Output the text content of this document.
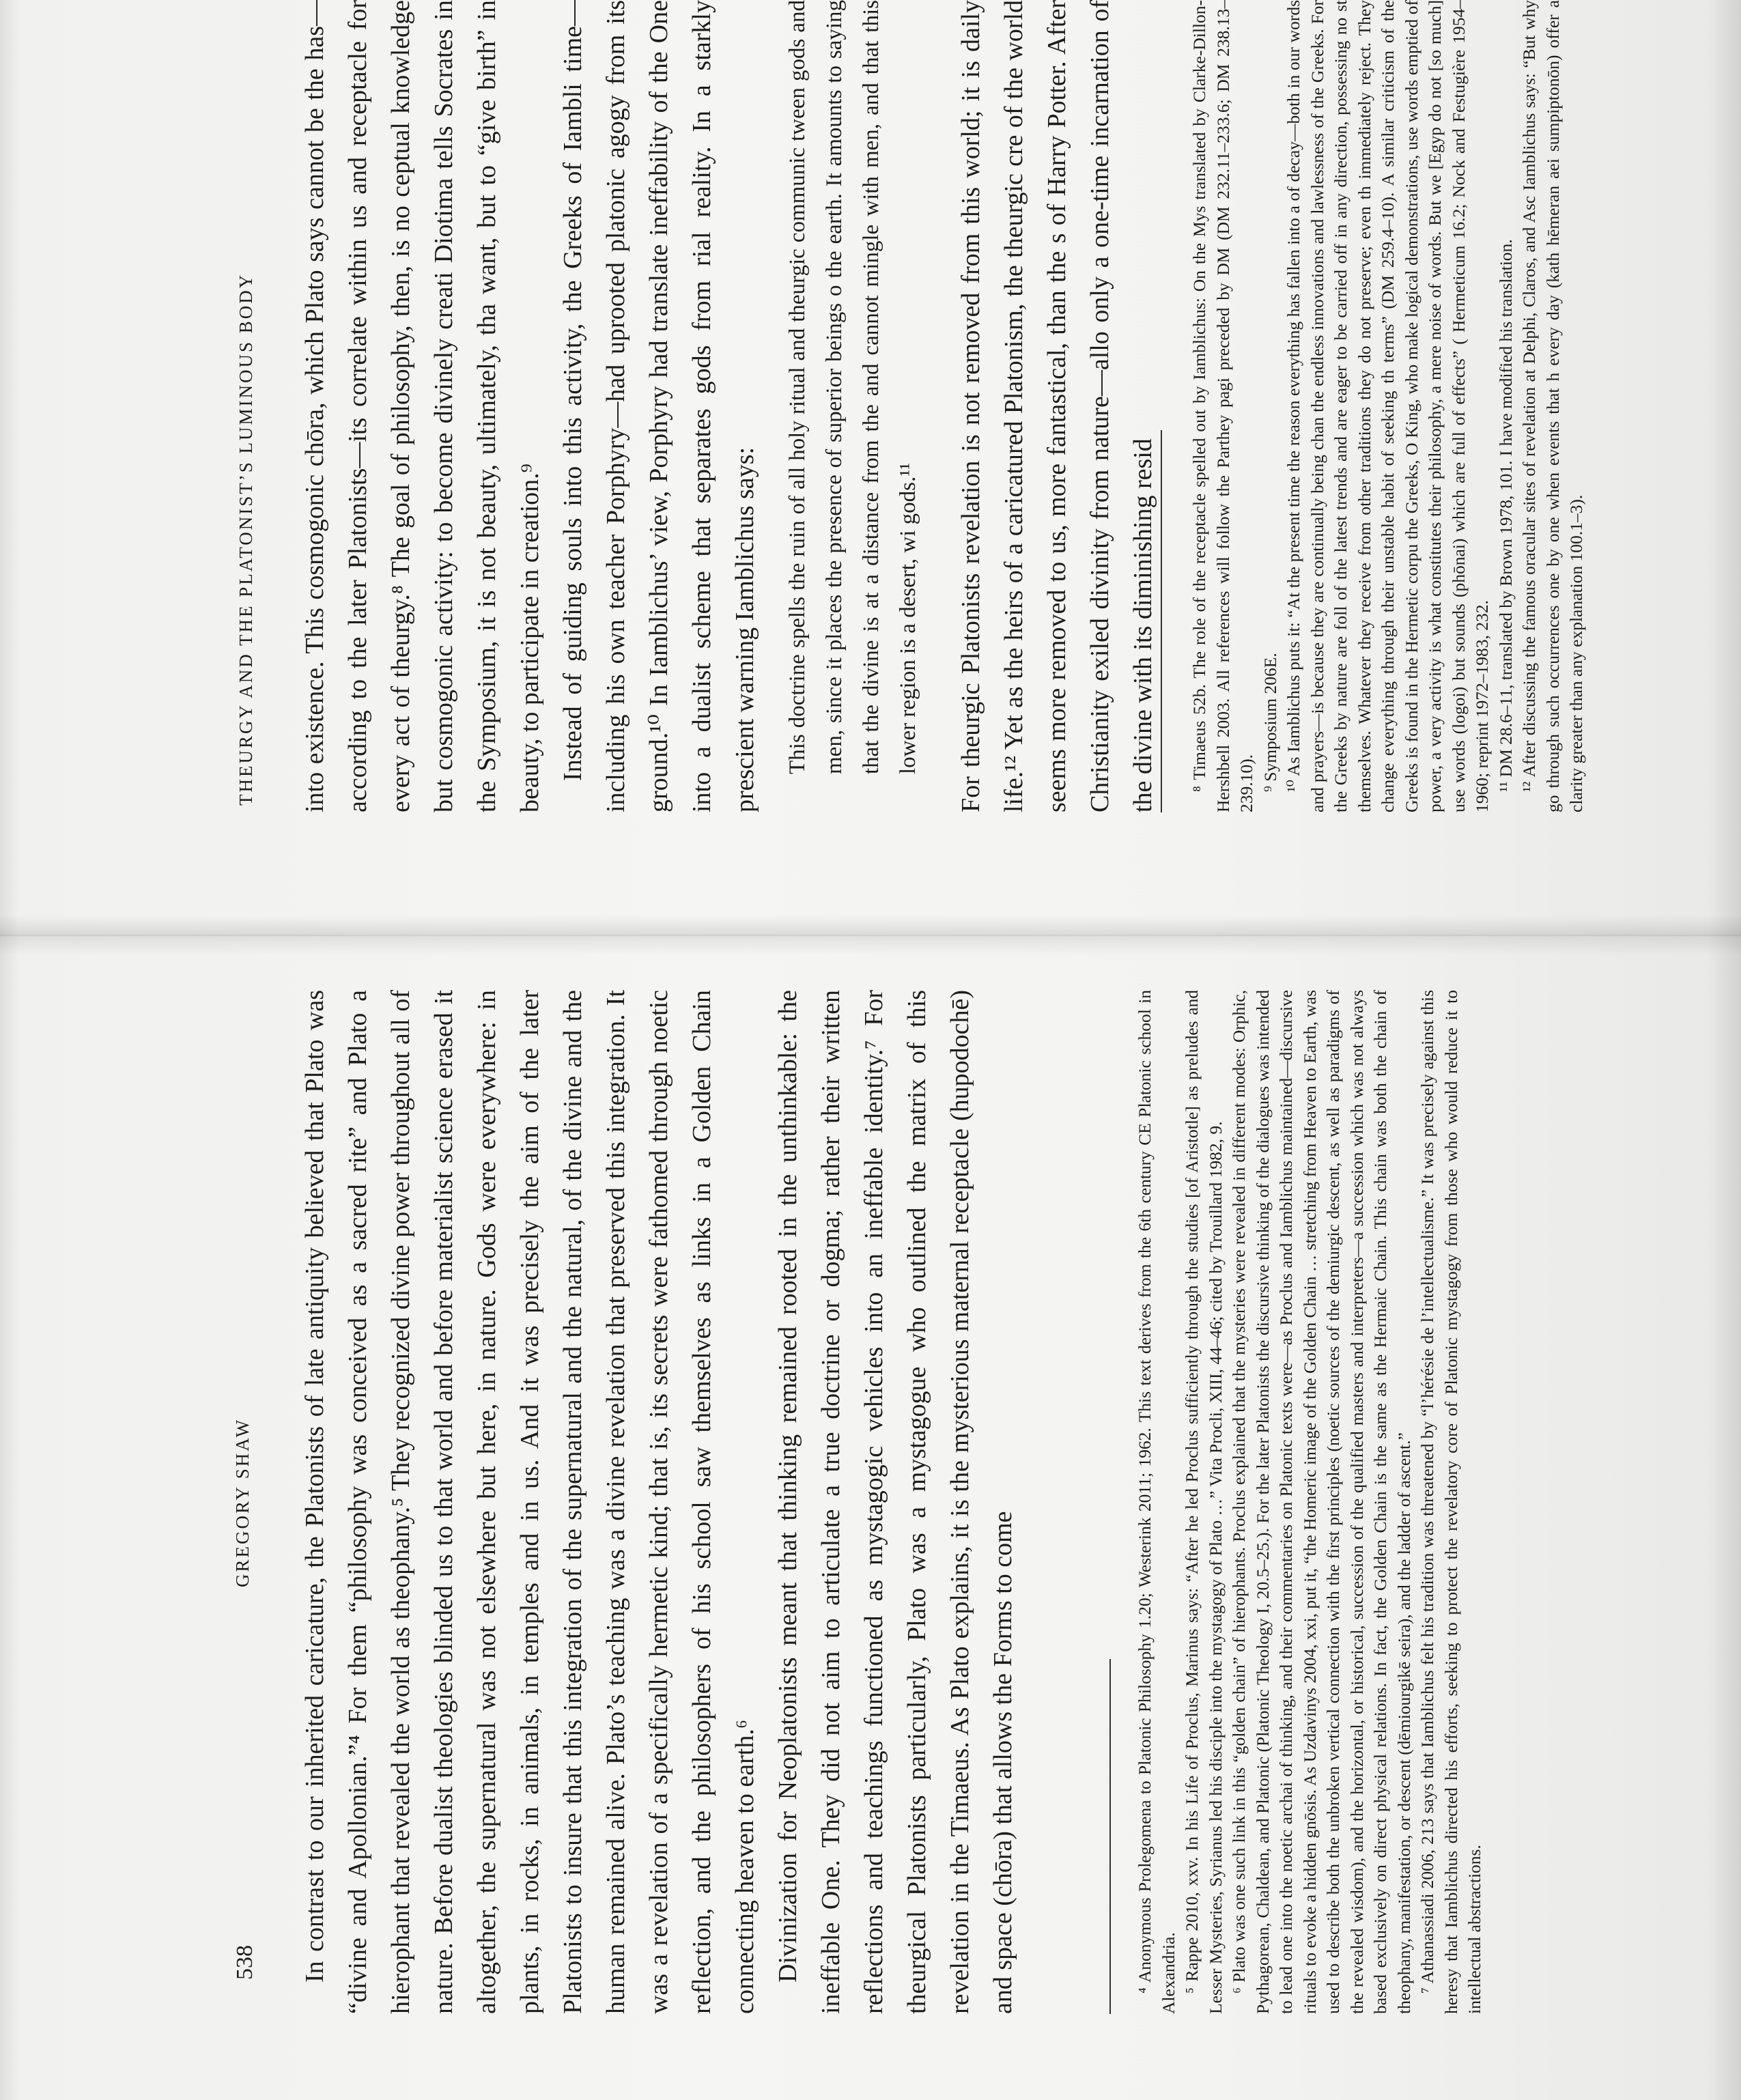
538
GREGORY SHAW In contrast to our inherited caricature, the Platonists of late antiquity believed that Plato was “divine and Apollonian.”⁴ For them “philosophy was conceived as a sacred rite” and Plato a hierophant that revealed the world as theophany.⁵ They recognized divine power throughout all of nature. Before dualist theologies blinded us to that world and before materialist science erased it altogether, the supernatural was not elsewhere but here, in nature. Gods were everywhere: in plants, in rocks, in animals, in temples and in us. And it was precisely the aim of the later Platonists to insure that this integration of the supernatural and the natural, of the divine and the human remained alive. Plato’s teaching was a divine revelation that preserved this integration. It was a revelation of a specifically hermetic kind; that is, its secrets were fathomed through noetic reflection, and the philosophers of his school saw themselves as links in a Golden Chain connecting heaven to earth.⁶ Divinization for Neoplatonists meant that thinking remained rooted in the unthinkable: the ineffable One. They did not aim to articulate a true doctrine or dogma; rather their written reflections and teachings functioned as mystagogic vehicles into an ineffable identity.⁷ For theurgical Platonists particularly, Plato was a mystagogue who outlined the matrix of this revelation in the Timaeus. As Plato explains, it is the mysterious maternal receptacle (hupodochē) and space (chōra) that allows the Forms to come	⁴ Anonymous Prolegomena to Platonic Philosophy 1.20; Westerink 2011; 1962. This text derives from the 6th century CE Platonic school in Alexandria. ⁵ Rappe 2010, xxv. In his Life of Proclus, Marinus says: “After he led Proclus sufficiently through the studies [of Aristotle] as preludes and Lesser Mysteries, Syrianus led his disciple into the mystagogy of Plato …” Vita Procli, XIII, 44–46; cited by Trouillard 1982, 9. ⁶ Plato was one such link in this “golden chain” of hierophants. Proclus explained that the mysteries were revealed in different modes: Orphic, Pythagorean, Chaldean, and Platonic (Platonic Theology I, 20.5–25.). For the later Platonists the discursive thinking of the dialogues was intended to lead one into the noetic archai of thinking, and their commentaries on Platonic texts were—as Proclus and Iamblichus maintained—discursive rituals to evoke a hidden gnōsis. As Uzdavinys 2004, xxi, put it, “the Homeric image of the Golden Chain … stretching from Heaven to Earth, was used to describe both the unbroken vertical connection with the first principles (noetic sources of the demiurgic descent, as well as paradigms of the revealed wisdom), and the horizontal, or historical, succession of the qualified masters and interpreters—a succession which was not always based exclusively on direct physical relations. In fact, the Golden Chain is the same as the Hermaic Chain. This chain was both the chain of theophany, manifestation, or descent (dēmiourgikē seira), and the ladder of ascent.” ⁷ Athanassiadi 2006, 213 says that Iamblichus felt his tradition was threatened by “l’hérésie de l’intellectualisme.” It was precisely against this heresy that Iamblichus directed his efforts, seeking to protect the revelatory core of Platonic mystagogy from those who would reduce it to intellectual abstractions.

THEURGY AND THE PLATONIST’S LUMINOUS BODY into existence. This cosmogonic chōra, which Plato says cannot be the has—according to the later Platonists—its correlate within us and receptacle for every act of theurgy.⁸ The goal of philosophy, then, is no ceptual knowledge but cosmogonic activity: to become divinely creati Diotima tells Socrates in the Symposium, it is not beauty, ultimately, tha want, but to “give birth” in beauty, to participate in creation.⁹ Instead of guiding souls into this activity, the Greeks of Iambli time—including his own teacher Porphyry—had uprooted platonic agogy from its ground.¹⁰ In Iamblichus’ view, Porphyry had translate ineffability of the One into a dualist scheme that separates gods from rial reality. In a starkly prescient warning Iamblichus says:	This doctrine spells the ruin of all holy ritual and theurgic communic tween gods and men, since it places the presence of superior beings o the earth. It amounts to saying that the divine is at a distance from the and cannot mingle with men, and that this lower region is a desert, wi gods.¹¹ For theurgic Platonists revelation is not removed from this world; it is daily life.¹² Yet as the heirs of a caricatured Platonism, the theurgic cre of the world seems more removed to us, more fantastical, than the s of Harry Potter. After Christianity exiled divinity from nature—allo only a one-time incarnation of the divine with its diminishing resid	⁸ Timaeus 52b. The role of the receptacle spelled out by Iamblichus: On the Mys translated by Clarke-Dillon-Hershbell 2003. All references will follow the Parthey pagi preceded by DM (DM 232.11–233.6; DM 238.13–239.10). ⁹ Symposium 206E. ¹⁰ As Iamblichus puts it: “At the present time the reason everything has fallen into a of decay—both in our words and prayers—is because they are continually being chan the endless innovations and lawlessness of the Greeks. For the Greeks by nature are foll of the latest trends and are eager to be carried off in any direction, possessing no st themselves. Whatever they receive from other traditions they do not preserve; even th immediately reject. They change everything through their unstable habit of seeking th terms” (DM 259.4–10). A similar criticism of the Greeks is found in the Hermetic corpu the Greeks, O King, who make logical demonstrations, use words emptied of power, a very activity is what constitutes their philosophy, a mere noise of words. But we [Egyp do not [so much] use words (logoi) but sounds (phōnai) which are full of effects” ( Hermeticum 16.2; Nock and Festugière 1954–1960; reprint 1972–1983, 232. ¹¹ DM 28.6–11, translated by Brown 1978, 101. I have modified his translation. ¹² After discussing the famous oracular sites of revelation at Delphi, Claros, and Asc Iamblichus says: “But why go through such occurrences one by one when events that h every day (kath hēmeran aei sumpiptonōn) offer a clarity greater than any explanation 100.1–3).
